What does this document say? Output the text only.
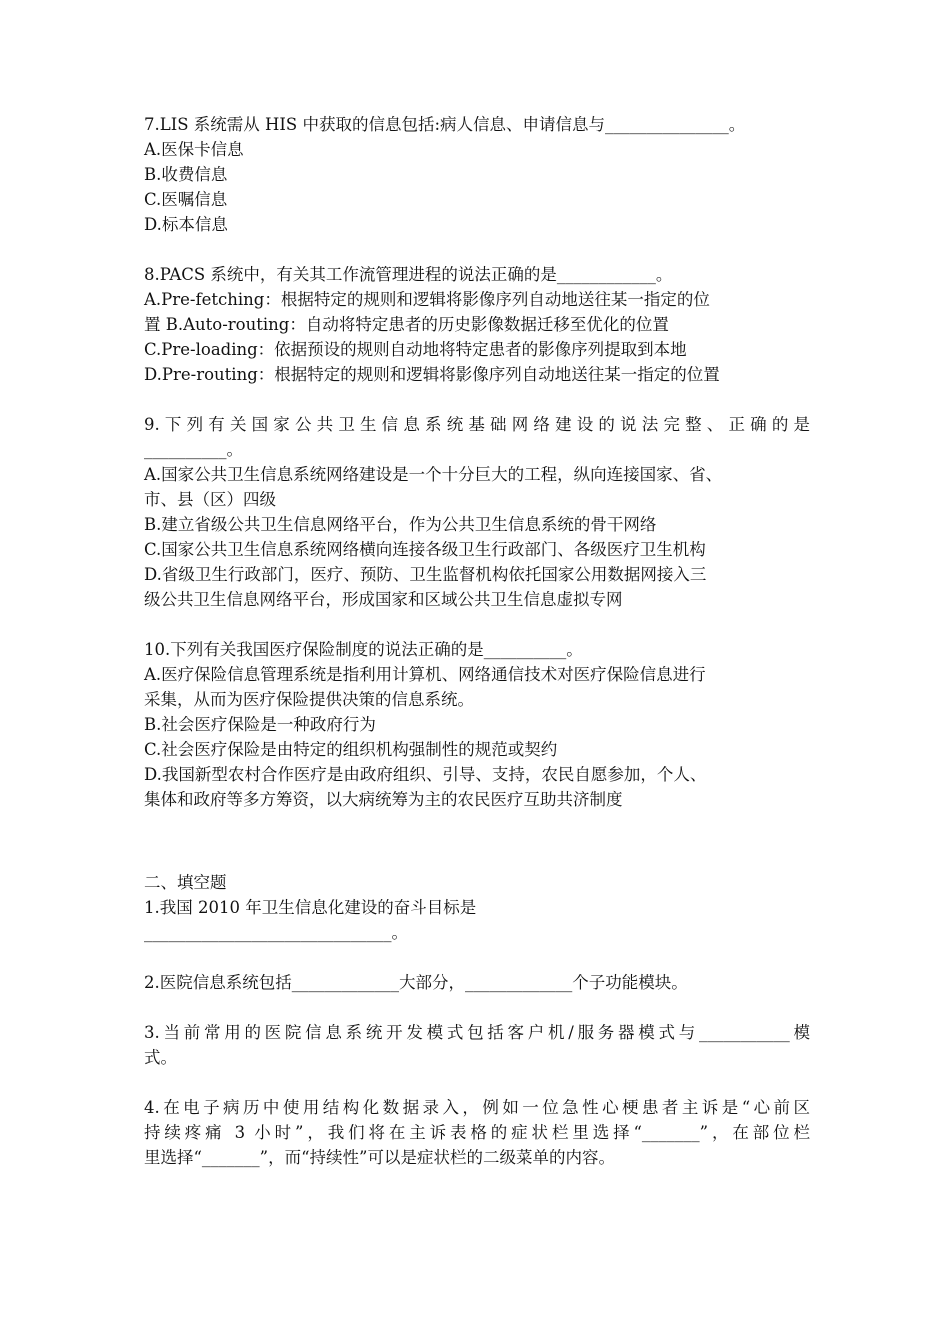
7.LIS 系统需从 HIS 中获取的信息包括:病人信息、申请信息与_______________。
A.医保卡信息
B.收费信息
C.医嘱信息
D.标本信息
8.PACS 系统中，有关其工作流管理进程的说法正确的是____________。
A.Pre-fetching：根据特定的规则和逻辑将影像序列自动地送往某一指定的位
置 B.Auto-routing：自动将特定患者的历史影像数据迁移至优化的位置
C.Pre-loading：依据预设的规则自动地将特定患者的影像序列提取到本地
D.Pre-routing：根据特定的规则和逻辑将影像序列自动地送往某一指定的位置
9.下列有关国家公共卫生信息系统基础网络建设的说法完整、正确的是
__________。
A.国家公共卫生信息系统网络建设是一个十分巨大的工程，纵向连接国家、省、
市、县（区）四级
B.建立省级公共卫生信息网络平台，作为公共卫生信息系统的骨干网络
C.国家公共卫生信息系统网络横向连接各级卫生行政部门、各级医疗卫生机构
D.省级卫生行政部门，医疗、预防、卫生监督机构依托国家公用数据网接入三
级公共卫生信息网络平台，形成国家和区域公共卫生信息虚拟专网
10.下列有关我国医疗保险制度的说法正确的是__________。
A.医疗保险信息管理系统是指利用计算机、网络通信技术对医疗保险信息进行
采集，从而为医疗保险提供决策的信息系统。
B.社会医疗保险是一种政府行为
C.社会医疗保险是由特定的组织机构强制性的规范或契约
D.我国新型农村合作医疗是由政府组织、引导、支持，农民自愿参加，个人、
集体和政府等多方筹资，以大病统筹为主的农民医疗互助共济制度
二、填空题
1.我国 2010 年卫生信息化建设的奋斗目标是
______________________________。
2.医院信息系统包括_____________大部分，_____________个子功能模块。
3.当前常用的医院信息系统开发模式包括客户机/服务器模式与___________模
式。
4.在电子病历中使用结构化数据录入，例如一位急性心梗患者主诉是“心前区
持续疼痛 3 小时”，我们将在主诉表格的症状栏里选择“_______”，在部位栏
里选择“_______”，而“持续性”可以是症状栏的二级菜单的内容。
